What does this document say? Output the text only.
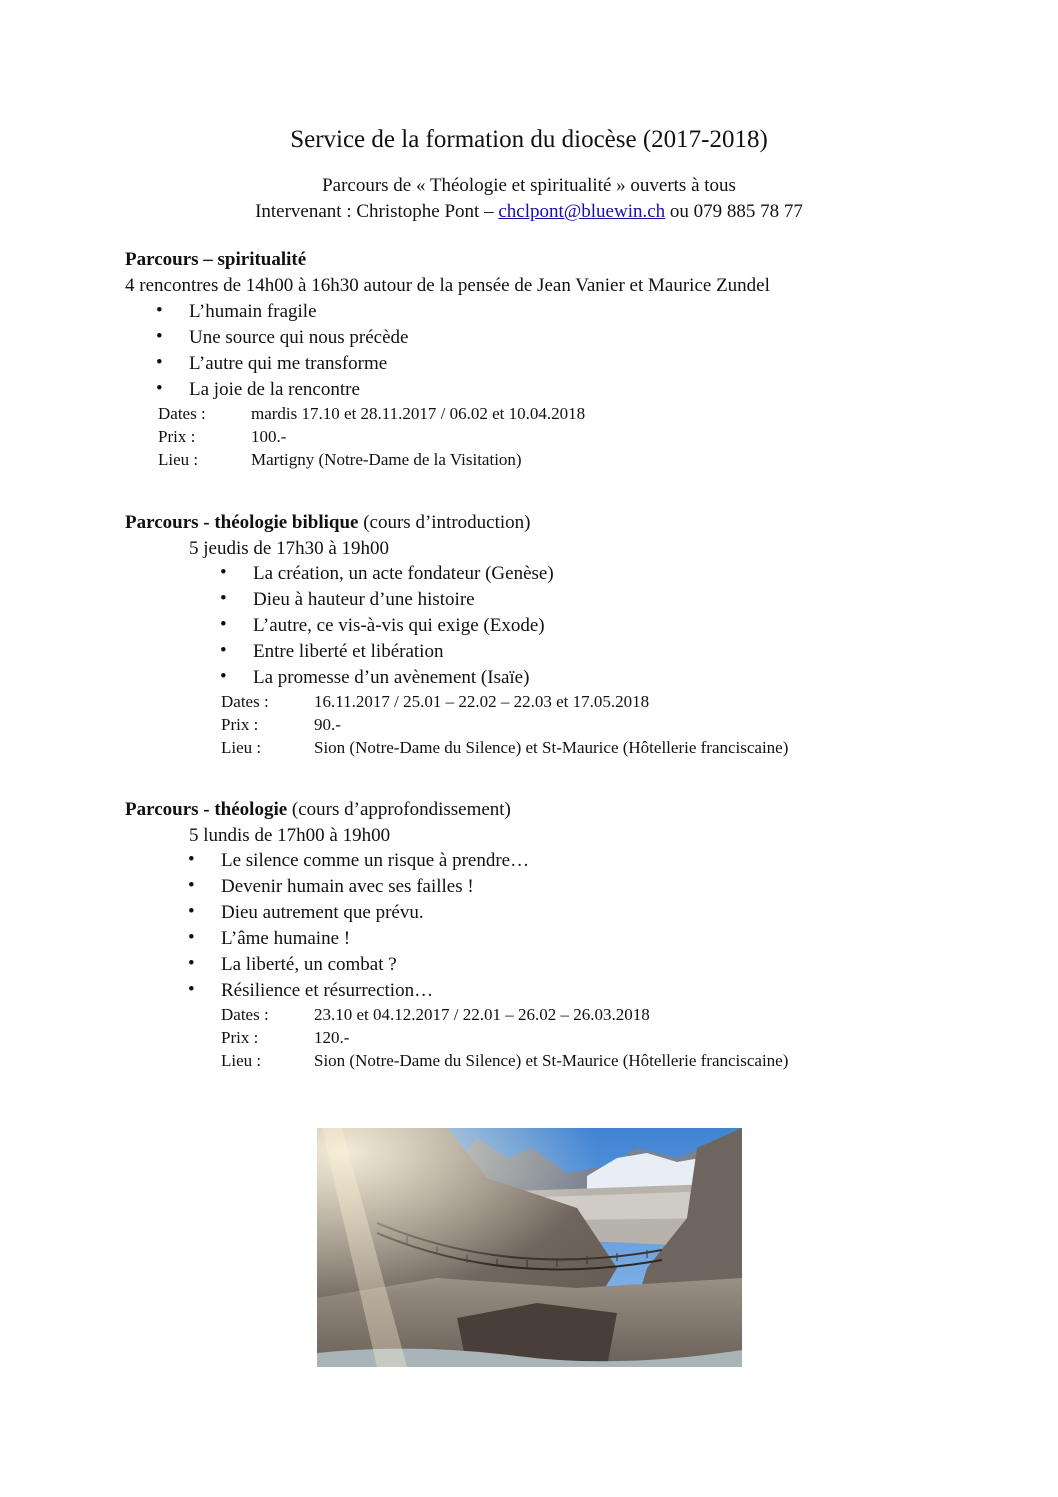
Service de la formation du diocèse (2017-2018)
Parcours de « Théologie et spiritualité » ouverts à tous
Intervenant : Christophe Pont – chclpont@bluewin.ch ou 079 885 78 77
Parcours – spiritualité
4 rencontres de 14h00 à 16h30 autour de la pensée de Jean Vanier et Maurice Zundel
• L’humain fragile
• Une source qui nous précède
• L’autre qui me transforme
• La joie de la rencontre
Dates :	mardis 17.10 et 28.11.2017 / 06.02 et 10.04.2018
Prix :	100.-
Lieu :	Martigny (Notre-Dame de la Visitation)
Parcours - théologie biblique (cours d’introduction)
5 jeudis de 17h30 à 19h00
• La création, un acte fondateur (Genèse)
• Dieu à hauteur d’une histoire
• L’autre, ce vis-à-vis qui exige (Exode)
• Entre liberté et libération
• La promesse d’un avènement (Isaïe)
Dates :	16.11.2017 / 25.01 – 22.02 – 22.03 et 17.05.2018
Prix :	90.-
Lieu :	Sion (Notre-Dame du Silence) et St-Maurice (Hôtellerie franciscaine)
Parcours - théologie (cours d’approfondissement)
5 lundis de 17h00 à 19h00
• Le silence comme un risque à prendre…
• Devenir humain avec ses failles !
• Dieu autrement que prévu.
• L’âme humaine !
• La liberté, un combat ?
• Résilience et résurrection…
Dates :	23.10 et 04.12.2017 / 22.01 – 26.02 – 26.03.2018
Prix :	120.-
Lieu :	Sion (Notre-Dame du Silence) et St-Maurice (Hôtellerie franciscaine)
